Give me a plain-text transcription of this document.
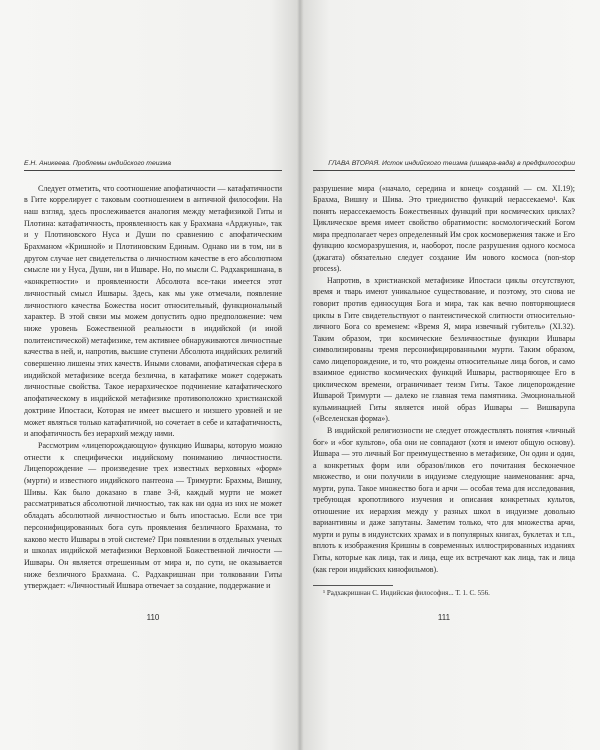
Е.Н. Аникеева. Проблемы индийского теизма

Следует отметить, что соотношение апофатичности — катафатичности в Гите коррелирует с таковым соотношением в античной философии. На наш взгляд, здесь прослеживается аналогия между метафизикой Гиты и Плотина: катафатичность, проявленность как у Брахмана «Арджуны», так и у Плотиновского Нуса и Души по сравнению с апофатическим Брахманом «Кришной» и Плотиновским Единым. Однако ни в том, ни в другом случае нет свидетельства о личностном качестве в его абсолютном смысле ни у Нуса, Души, ни в Ишваре. Но, по мысли С. Радхакришнана, в «конкретности» и проявленности Абсолюта все-таки имеется этот личностный смысл Ишвары. Здесь, как мы уже отмечали, появление личностного качества Божества носит относительный, функциональный характер. В этой связи мы можем допустить одно предположение: чем ниже уровень Божественной реальности в индийской (и иной политеистической) метафизике, тем активнее обнаруживаются личностные качества в ней, и, напротив, высшие ступени Абсолюта индийских религий совершенно лишены этих качеств. Иными словами, апофатическая сфера в индийской метафизике всегда безлична, в катафатике может содержать личностные свойства. Такое иерархическое подчинение катафатического апофатическому в индийской метафизике противоположно христианской доктрине Ипостаси, Которая не имеет высшего и низшего уровней и не может являться только катафатичной, но сочетает в себе и катафатичность, и апофатичность без иерархий между ними.

Рассмотрим «лицепорождающую» функцию Ишвары, которую можно отнести к специфически индийскому пониманию личностности. Лицепорождение — произведение трех известных верховных «форм» (мурти) и известного индийского пантеона — Тримурти: Брахмы, Вишну, Шивы. Как было доказано в главе 3-й, каждый мурти не может рассматриваться абсолютной личностью, так как ни одна из них не может обладать абсолютной личностностью и быть ипостасью. Если все три персонифицированных бога суть проявления безличного Брахмана, то каково место Ишвары в этой системе? При появлении в отдельных ученых и школах индийской метафизики Верховной Божественной личности — Ишвары. Он является отрешенным от мира и, по сути, не оказывается ниже безличного Брахмана. С. Радхакришнан при толковании Гиты утверждает: «Личностный Ишвара отвечает за создание, поддержание и

110
ГЛАВА ВТОРАЯ. Исток индийского теизма (ишвара-вада) в предфилософии

разрушение мира («начало, середина и конец» созданий — см. XI.19); Брахма, Вишну и Шива. Это триединство функций нерассекаемо¹. Как понять нерассекаемость Божественных функций при космических циклах? Циклическое время имеет свойство обратимости: космологический Богом мира предполагает через определенный Им срок космовержения также и Его функцию косморазрушения, и, наоборот, после разрушения одного космоса (джагата) обязательно следует создание Им нового космоса (non-stop process).

Напротив, в христианской метафизике Ипостаси циклы отсутствуют, время и тварь имеют уникальное существование, и поэтому, это снова не говорит против единосущия Бога и мира, так как вечно повторяющиеся циклы в Гите свидетельствуют о пантеистической слитности относительно-личного Бога со временем: «Время Я, мира извечный губитель» (XI.32). Таким образом, три космические безличностные функции Ишвары символизированы тремя персонифицированными мурти. Таким образом, само лицепорождение, и то, что рождены относительные лица богов, и само взаимное единство космических функций Ишвары, растворяющее Его в циклическом времени, ограничивает теизм Гиты. Такое лицепорождение Ишварой Тримурти — далеко не главная тема памятника. Эмоциональной кульминацией Гиты является иной образ Ишвары — Вишварупа («Вселенская форма»).

В индийской религиозности не следует отождествлять понятия «личный бог» и «бог культов», оба они не совпадают (хотя и имеют общую основу). Ишвара — это личный Бог преимущественно в метафизике, Он один и один, а конкретных форм или образов/ликов его почитания бесконечное множество, и они получили в индуизме следующие наименования: арча, мурти, рупа. Такое множество бога и арчи — особая тема для исследования, требующая кропотливого изучения и описания конкретных культов, отношение их иерархия между у разных школ в индуизме довольно вариантивны и даже запутаны. Заметим только, что для множества арчи, мурти и рупы в индуистских храмах и в популярных книгах, буклетах и т.п., вплоть к изображения Кришны в современных иллюстрированных изданиях Гиты, которые как лица, так и лица, еще их встречают как лица, так и лица (как герои индийских кинофильмов).

¹ Радхакришнан С. Индийская философия... Т. 1. С. 556.
111
